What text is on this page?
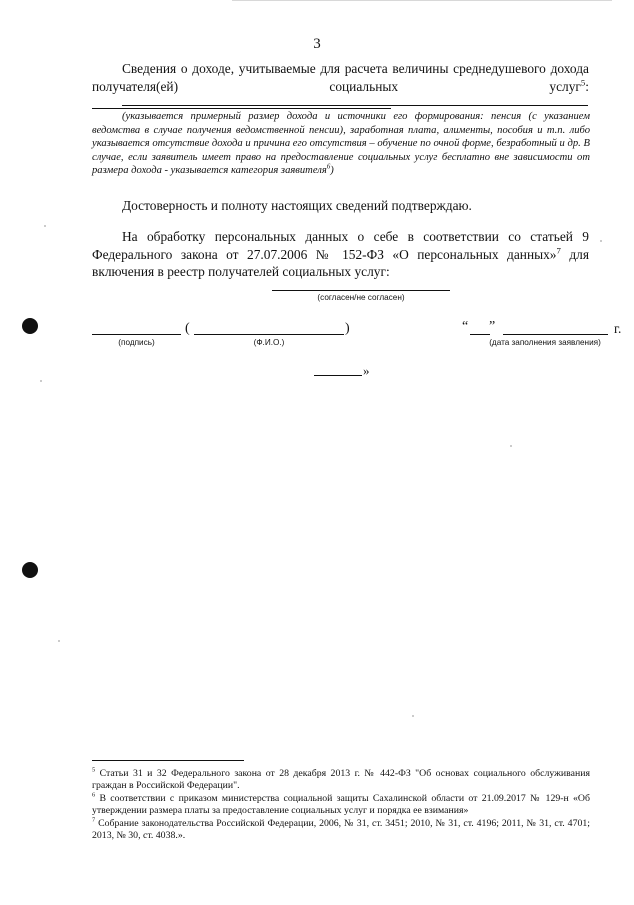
3
Сведения о доходе, учитываемые для расчета величины среднедушевого дохода получателя(ей) социальных услуг$^5$:
(указывается примерный размер дохода и источники его формирования: пенсия (с указанием ведомства в случае получения ведомственной пенсии), заработная плата, алименты, пособия и т.п. либо указывается отсутствие дохода и причина его отсутствия – обучение по очной форме, безработный и др. В случае, если заявитель имеет право на предоставление социальных услуг бесплатно вне зависимости от размера дохода - указывается категория заявителя$^6$)
Достоверность и полноту настоящих сведений подтверждаю.
На обработку персональных данных о себе в соответствии со статьей 9 Федерального закона от 27.07.2006 № 152-ФЗ «О персональных данных»$^7$ для включения в реестр получателей социальных услуг:
(согласен/не согласен)
(подпись)
(	)
(Ф.И.О.)
“ ”	г.
(дата заполнения заявления)
»

$^5$ Статьи 31 и 32 Федерального закона от 28 декабря 2013 г. № 442-ФЗ "Об основах социального обслуживания граждан в Российской Федерации".

$^6$ В соответствии с приказом министерства социальной защиты Сахалинской области от 21.09.2017 № 129-н «Об утверждении размера платы за предоставление социальных услуг и порядка ее взимания»

$^7$ Собрание законодательства Российской Федерации, 2006, № 31, ст. 3451; 2010, № 31, ст. 4196; 2011, № 31, ст. 4701; 2013, № 30, ст. 4038.».
